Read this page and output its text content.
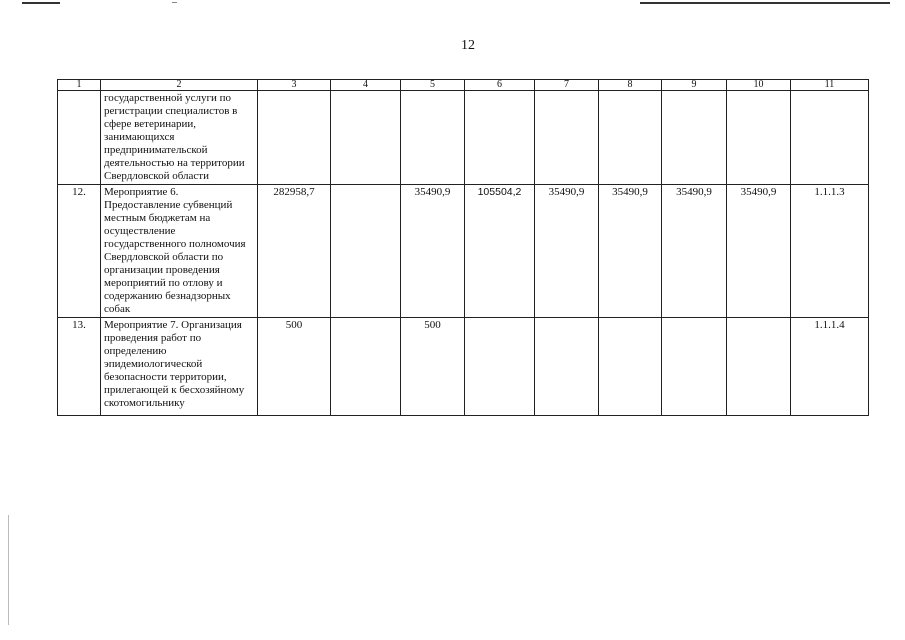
12
1	2	3	4	5	6	7	8	9	10	11
	государственной услуги по регистрации специалистов в сфере ветеринарии, занимающихся предпринимательской деятельностью на территории Свердловской области									
12.	Мероприятие 6. Предоставление субвенций местным бюджетам на осуществление государственного полномочия Свердловской области по организации проведения мероприятий по отлову и содержанию безнадзорных собак	282958,7		35490,9	105504,2	35490,9	35490,9	35490,9	35490,9	1.1.1.3
13.	Мероприятие 7. Организация проведения работ по определению эпидемиологической безопасности территории, прилегающей к бесхозяйному скотомогильнику	500		500						1.1.1.4
